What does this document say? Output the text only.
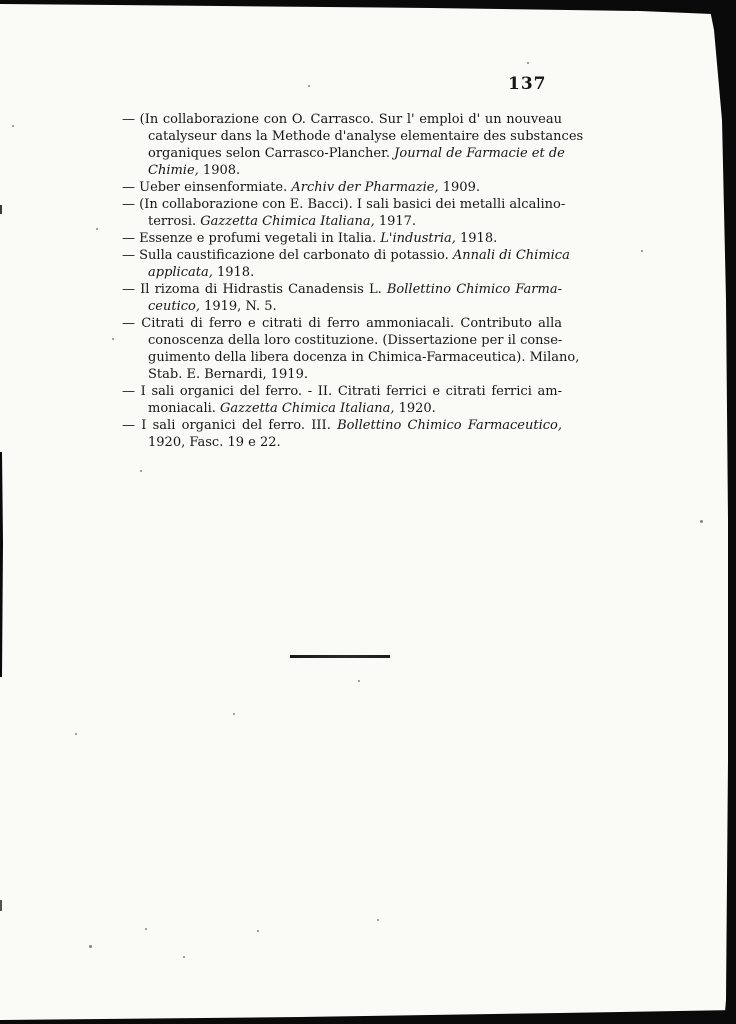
137
— (In collaborazione con O. Carrasco. Sur l' emploi d' un nouveau
catalyseur dans la Methode d'analyse elementaire des substances
organiques selon Carrasco-Plancher. Journal de Farmacie et de
Chimie, 1908.
— Ueber einsenformiate. Archiv der Pharmazie, 1909.
— (In collaborazione con E. Bacci). I sali basici dei metalli alcalino-
terrosi. Gazzetta Chimica Italiana, 1917.
— Essenze e profumi vegetali in Italia. L'industria, 1918.
— Sulla caustificazione del carbonato di potassio. Annali di Chimica
applicata, 1918.
— Il rizoma di Hidrastis Canadensis L. Bollettino Chimico Farma-
ceutico, 1919, N. 5.
— Citrati di ferro e citrati di ferro ammoniacali. Contributo alla
conoscenza della loro costituzione. (Dissertazione per il conse-
guimento della libera docenza in Chimica-Farmaceutica). Milano,
Stab. E. Bernardi, 1919.
— I sali organici del ferro. - II. Citrati ferrici e citrati ferrici am-
moniacali. Gazzetta Chimica Italiana, 1920.
— I sali organici del ferro. III. Bollettino Chimico Farmaceutico,
1920, Fasc. 19 e 22.
